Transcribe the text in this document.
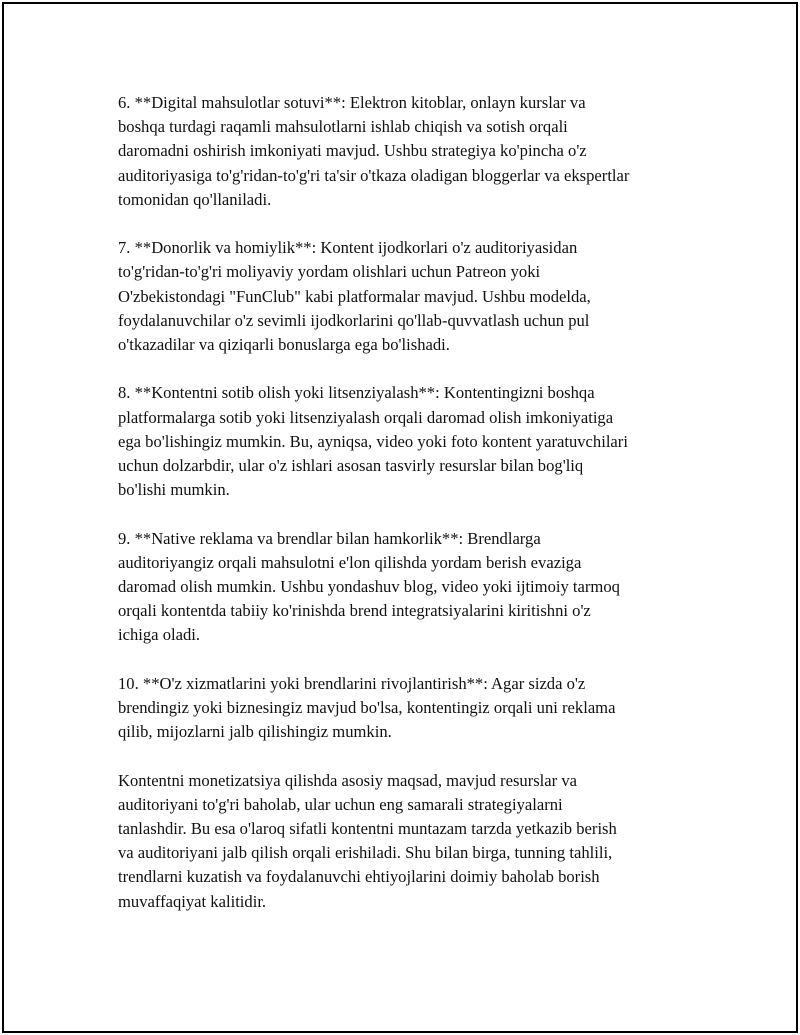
6. **Digital mahsulotlar sotuvi**: Elektron kitoblar, onlayn kurslar va
boshqa turdagi raqamli mahsulotlarni ishlab chiqish va sotish orqali
daromadni oshirish imkoniyati mavjud. Ushbu strategiya ko'pincha o'z
auditoriyasiga to'g'ridan-to'g'ri ta'sir o'tkaza oladigan bloggerlar va ekspertlar
tomonidan qo'llaniladi.

7. **Donorlik va homiylik**: Kontent ijodkorlari o'z auditoriyasidan
to'g'ridan-to'g'ri moliyaviy yordam olishlari uchun Patreon yoki
O'zbekistondagi "FunClub" kabi platformalar mavjud. Ushbu modelda,
foydalanuvchilar o'z sevimli ijodkorlarini qo'llab-quvvatlash uchun pul
o'tkazadilar va qiziqarli bonuslarga ega bo'lishadi.

8. **Kontentni sotib olish yoki litsenziyalash**: Kontentingizni boshqa
platformalarga sotib yoki litsenziyalash orqali daromad olish imkoniyatiga
ega bo'lishingiz mumkin. Bu, ayniqsa, video yoki foto kontent yaratuvchilari
uchun dolzarbdir, ular o'z ishlari asosan tasvirly resurslar bilan bog'liq
bo'lishi mumkin.

9. **Native reklama va brendlar bilan hamkorlik**: Brendlarga
auditoriyangiz orqali mahsulotni e'lon qilishda yordam berish evaziga
daromad olish mumkin. Ushbu yondashuv blog, video yoki ijtimoiy tarmoq
orqali kontentda tabiiy ko'rinishda brend integratsiyalarini kiritishni o'z
ichiga oladi.

10. **O'z xizmatlarini yoki brendlarini rivojlantirish**: Agar sizda o'z
brendingiz yoki biznesingiz mavjud bo'lsa, kontentingiz orqali uni reklama
qilib, mijozlarni jalb qilishingiz mumkin.

Kontentni monetizatsiya qilishda asosiy maqsad, mavjud resurslar va
auditoriyani to'g'ri baholab, ular uchun eng samarali strategiyalarni
tanlashdir. Bu esa o'laroq sifatli kontentni muntazam tarzda yetkazib berish
va auditoriyani jalb qilish orqali erishiladi. Shu bilan birga, tunning tahlili,
trendlarni kuzatish va foydalanuvchi ehtiyojlarini doimiy baholab borish
muvaffaqiyat kalitidir.
